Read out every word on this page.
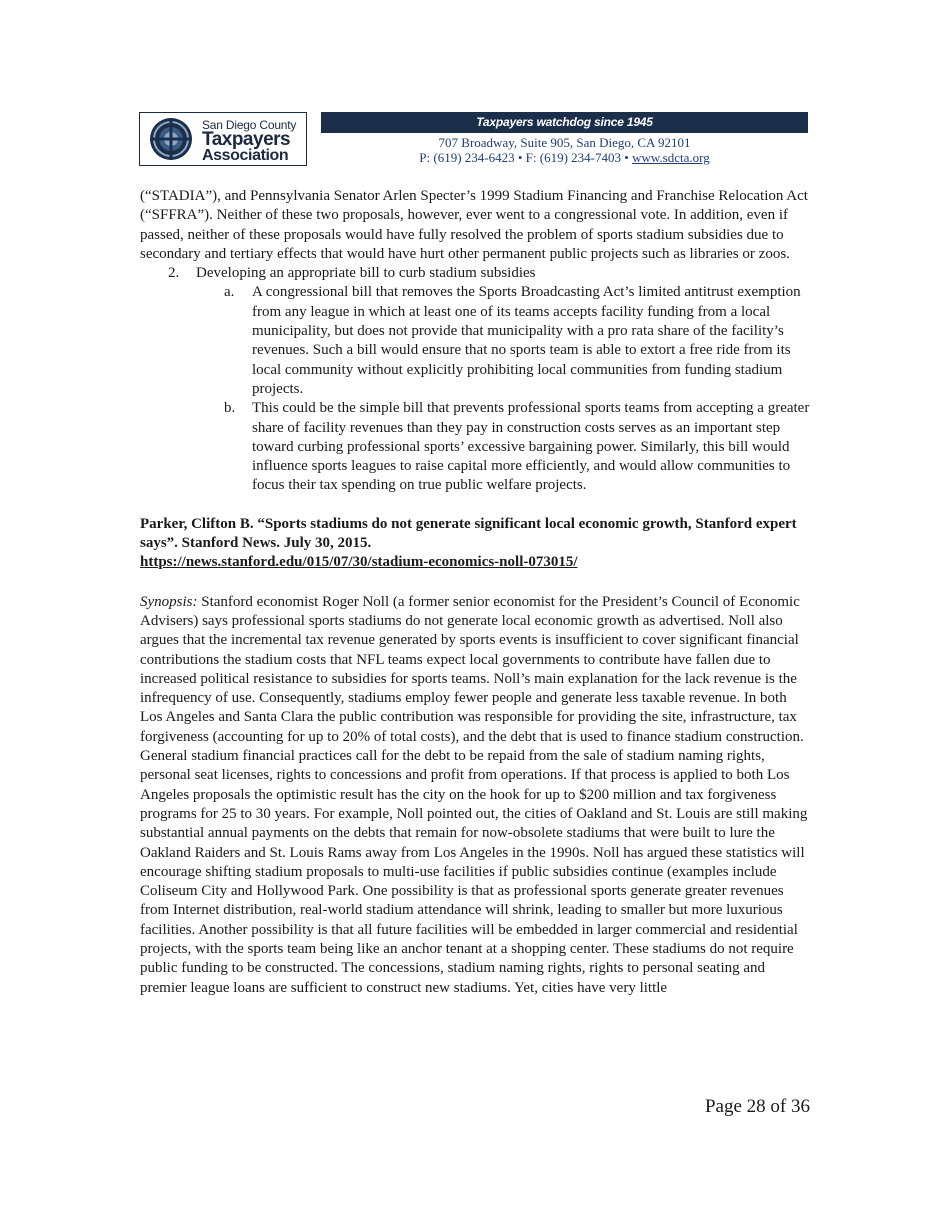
San Diego County
Taxpayers
Association
Taxpayers watchdog since 1945
707 Broadway, Suite 905, San Diego, CA 92101
P: (619) 234-6423 • F: (619) 234-7403 • www.sdcta.org

(“STADIA”), and Pennsylvania Senator Arlen Specter’s 1999 Stadium Financing and Franchise Relocation Act (“SFFRA”). Neither of these two proposals, however, ever went to a congressional vote. In addition, even if passed, neither of these proposals would have fully resolved the problem of sports stadium subsidies due to secondary and tertiary effects that would have hurt other permanent public projects such as libraries or zoos.

2. Developing an appropriate bill to curb stadium subsidies
a. A congressional bill that removes the Sports Broadcasting Act’s limited antitrust exemption from any league in which at least one of its teams accepts facility funding from a local municipality, but does not provide that municipality with a pro rata share of the facility’s revenues. Such a bill would ensure that no sports team is able to extort a free ride from its local community without explicitly prohibiting local communities from funding stadium projects.
b. This could be the simple bill that prevents professional sports teams from accepting a greater share of facility revenues than they pay in construction costs serves as an important step toward curbing professional sports’ excessive bargaining power. Similarly, this bill would influence sports leagues to raise capital more efficiently, and would allow communities to focus their tax spending on true public welfare projects.

Parker, Clifton B. “Sports stadiums do not generate significant local economic growth, Stanford expert says”. Stanford News. July 30, 2015.
https://news.stanford.edu/015/07/30/stadium-economics-noll-073015/

Synopsis: Stanford economist Roger Noll (a former senior economist for the President’s Council of Economic Advisers) says professional sports stadiums do not generate local economic growth as advertised. Noll also argues that the incremental tax revenue generated by sports events is insufficient to cover significant financial contributions the stadium costs that NFL teams expect local governments to contribute have fallen due to increased political resistance to subsidies for sports teams. Noll’s main explanation for the lack revenue is the infrequency of use. Consequently, stadiums employ fewer people and generate less taxable revenue. In both Los Angeles and Santa Clara the public contribution was responsible for providing the site, infrastructure, tax forgiveness (accounting for up to 20% of total costs), and the debt that is used to finance stadium construction. General stadium financial practices call for the debt to be repaid from the sale of stadium naming rights, personal seat licenses, rights to concessions and profit from operations. If that process is applied to both Los Angeles proposals the optimistic result has the city on the hook for up to $200 million and tax forgiveness programs for 25 to 30 years. For example, Noll pointed out, the cities of Oakland and St. Louis are still making substantial annual payments on the debts that remain for now-obsolete stadiums that were built to lure the Oakland Raiders and St. Louis Rams away from Los Angeles in the 1990s. Noll has argued these statistics will encourage shifting stadium proposals to multi-use facilities if public subsidies continue (examples include Coliseum City and Hollywood Park. One possibility is that as professional sports generate greater revenues from Internet distribution, real-world stadium attendance will shrink, leading to smaller but more luxurious facilities. Another possibility is that all future facilities will be embedded in larger commercial and residential projects, with the sports team being like an anchor tenant at a shopping center. These stadiums do not require public funding to be constructed. The concessions, stadium naming rights, rights to personal seating and premier league loans are sufficient to construct new stadiums. Yet, cities have very little

Page 28 of 36
